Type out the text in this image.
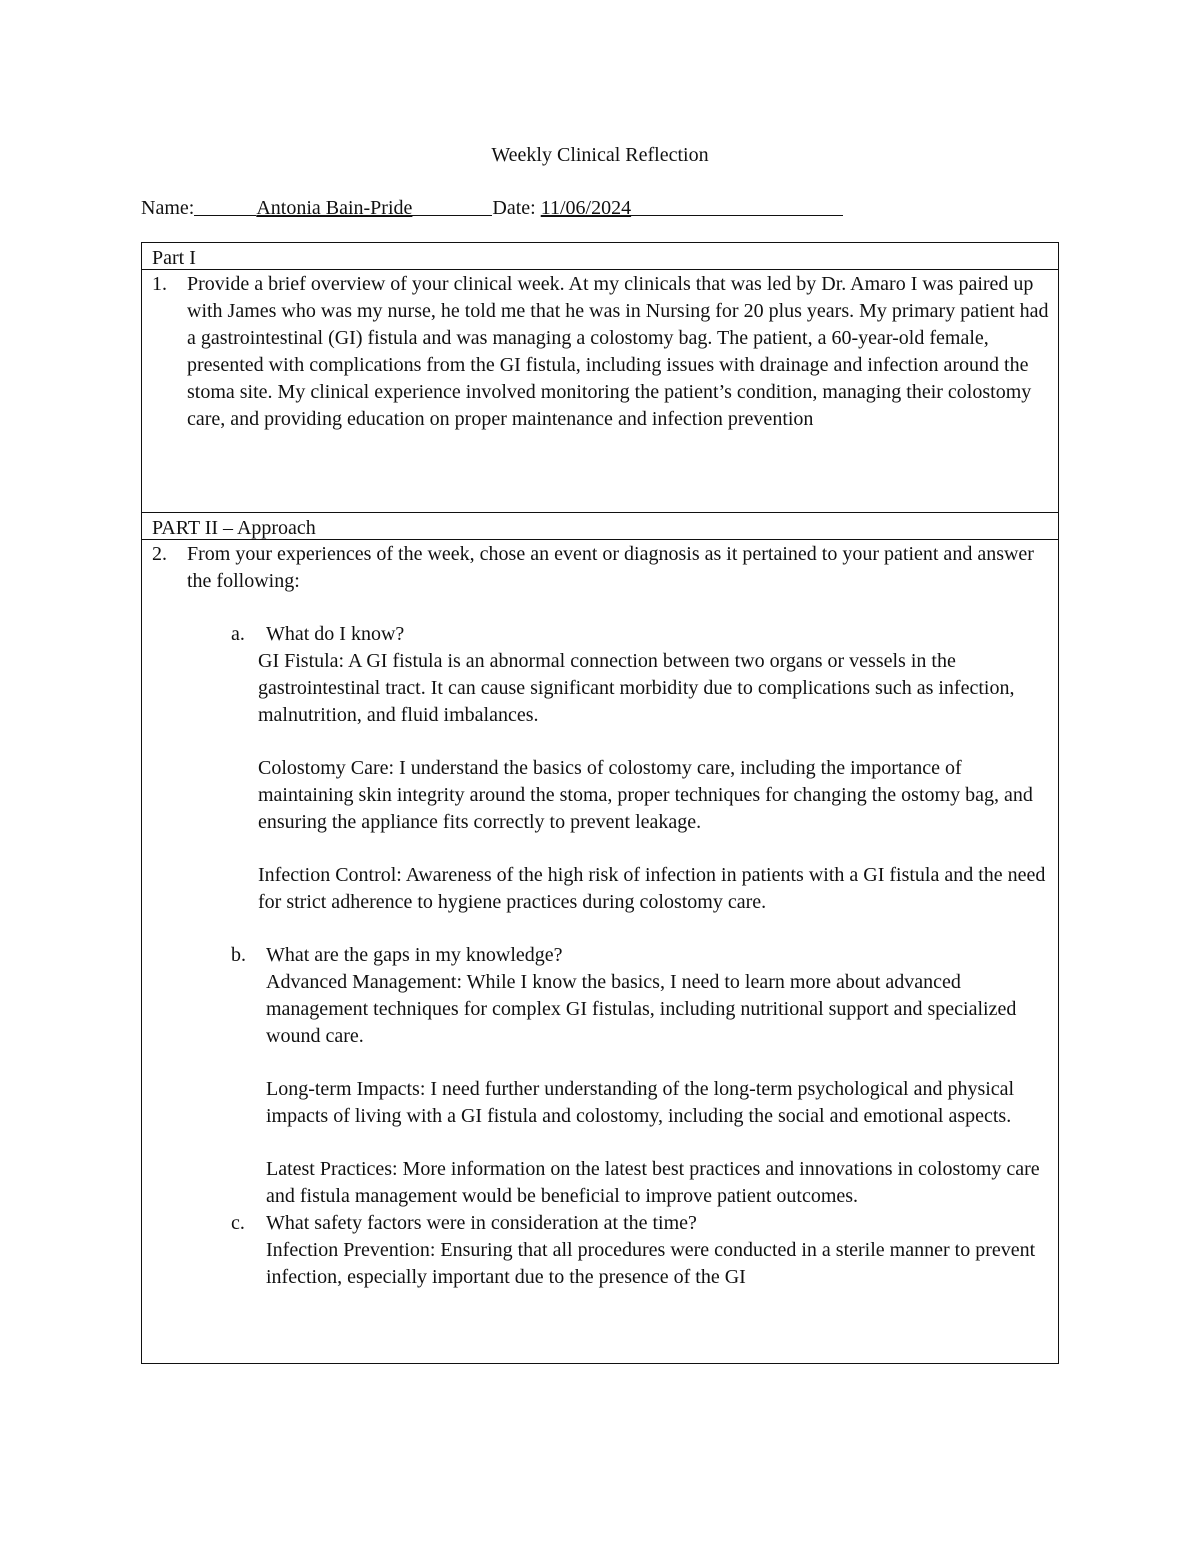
Weekly Clinical Reflection
Name:	Antonia Bain-Pride	Date: 11/06/2024
Part I
1. Provide a brief overview of your clinical week. At my clinicals that was led by Dr. Amaro I was paired up with James who was my nurse, he told me that he was in Nursing for 20 plus years. My primary patient had a gastrointestinal (GI) fistula and was managing a colostomy bag. The patient, a 60-year-old female, presented with complications from the GI fistula, including issues with drainage and infection around the stoma site. My clinical experience involved monitoring the patient’s condition, managing their colostomy care, and providing education on proper maintenance and infection prevention

PART II – Approach
2. From your experiences of the week, chose an event or diagnosis as it pertained to your patient and answer the following:

a. What do I know?

GI Fistula: A GI fistula is an abnormal connection between two organs or vessels in the gastrointestinal tract. It can cause significant morbidity due to complications such as infection, malnutrition, and fluid imbalances.

Colostomy Care: I understand the basics of colostomy care, including the importance of maintaining skin integrity around the stoma, proper techniques for changing the ostomy bag, and ensuring the appliance fits correctly to prevent leakage.

Infection Control: Awareness of the high risk of infection in patients with a GI fistula and the need for strict adherence to hygiene practices during colostomy care.

b. What are the gaps in my knowledge?

Advanced Management: While I know the basics, I need to learn more about advanced management techniques for complex GI fistulas, including nutritional support and specialized wound care.

Long-term Impacts: I need further understanding of the long-term psychological and physical impacts of living with a GI fistula and colostomy, including the social and emotional aspects.

Latest Practices: More information on the latest best practices and innovations in colostomy care and fistula management would be beneficial to improve patient outcomes.

c. What safety factors were in consideration at the time?

Infection Prevention: Ensuring that all procedures were conducted in a sterile manner to prevent infection, especially important due to the presence of the GI
